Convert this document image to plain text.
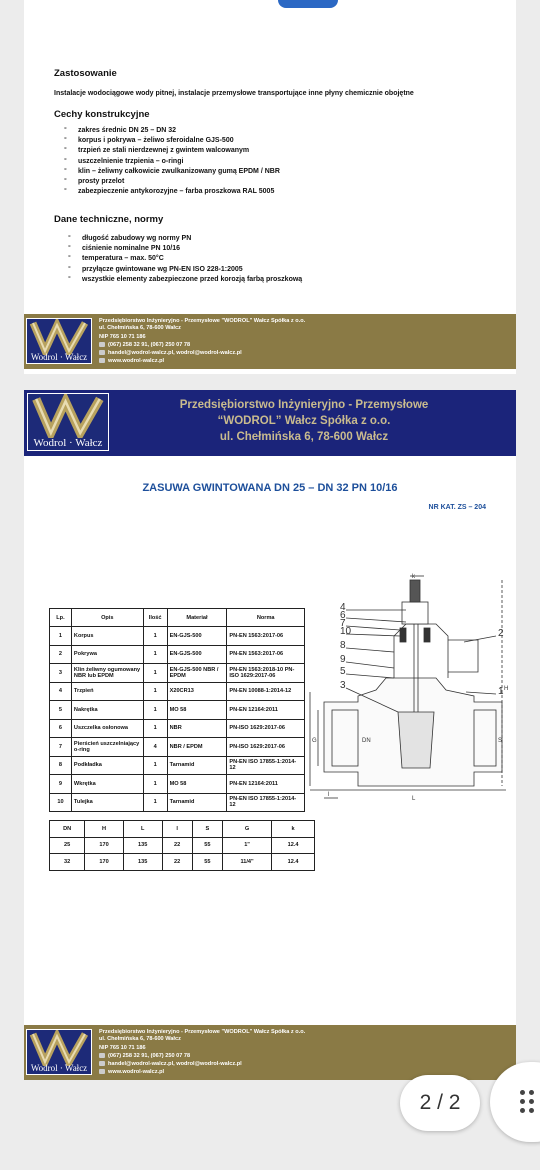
Zastosowanie
Instalacje wodociągowe wody pitnej, instalacje przemysłowe transportujące inne płyny chemicznie obojętne
Cechy konstrukcyjne
° zakres średnic DN 25 – DN 32
° korpus i pokrywa – żeliwo sferoidalne GJS-500
° trzpień ze stali nierdzewnej z gwintem walcowanym
° uszczelnienie trzpienia – o-ringi
° klin – żeliwny całkowicie zwulkanizowany gumą EPDM / NBR
° prosty przelot
° zabezpieczenie antykorozyjne – farba proszkowa RAL 5005
Dane techniczne, normy
° długość zabudowy wg normy PN
° ciśnienie nominalne PN 10/16
° temperatura – max. 50°C
° przyłącze gwintowane wg PN-EN ISO 228-1:2005
° wszystkie elementy zabezpieczone przed korozją farbą proszkową
Wodrol · Wałcz
Przedsiębiorstwo Inżynieryjno - Przemysłowe "WODROL" Wałcz Spółka z o.o.
ul. Chełmińska 6, 78-600 Wałcz
NIP 765 10 71 186
(067) 258 32 91, (067) 250 07 78
handel@wodrol-walcz.pl, wodrol@wodrol-walcz.pl
www.wodrol-walcz.pl
Wodrol · Wałcz
Przedsiębiorstwo Inżynieryjno - Przemysłowe
“WODROL” Wałcz Spółka z o.o.
ul. Chełmińska 6, 78-600 Wałcz
ZASUWA GWINTOWANA DN 25 – DN 32 PN 10/16
NR KAT. ZS – 204
Lp.	Opis	Ilość	Materiał	Norma
1	Korpus	1	EN-GJS-500	PN-EN 1563:2017-06
2	Pokrywa	1	EN-GJS-500	PN-EN 1563:2017-06
3	Klin żeliwny ogumowany NBR lub EPDM	1	EN-GJS-500 NBR / EPDM	PN-EN 1563:2018-10 PN-ISO 1629:2017-06
4	Trzpień	1	X20CR13	PN-EN 10088-1:2014-12
5	Nakrętka	1	MO 58	PN-EN 12164:2011
6	Uszczelka osłonowa	1	NBR	PN-ISO 1629:2017-06
7	Pierścień uszczelniający o-ring	4	NBR / EPDM	PN-ISO 1629:2017-06
8	Podkładka	1	Tarnamid	PN-EN ISO 17855-1:2014-12
9	Wkrętka	1	MO 58	PN-EN 12164:2011
10	Tulejka	1	Tarnamid	PN-EN ISO 17855-1:2014-12
4
6
7
10
8
9
5
3
2
1
k
H
G	DN	S
l
L
DN	H	L	l	S	G	k
25	170	135	22	55	1"	12.4
32	170	135	22	55	11/4"	12.4
Wodrol · Wałcz
Przedsiębiorstwo Inżynieryjno - Przemysłowe "WODROL" Wałcz Spółka z o.o.
ul. Chełmińska 6, 78-600 Wałcz
NIP 765 10 71 186
(067) 258 32 91, (067) 250 07 78
handel@wodrol-walcz.pl, wodrol@wodrol-walcz.pl
www.wodrol-walcz.pl
2 / 2
